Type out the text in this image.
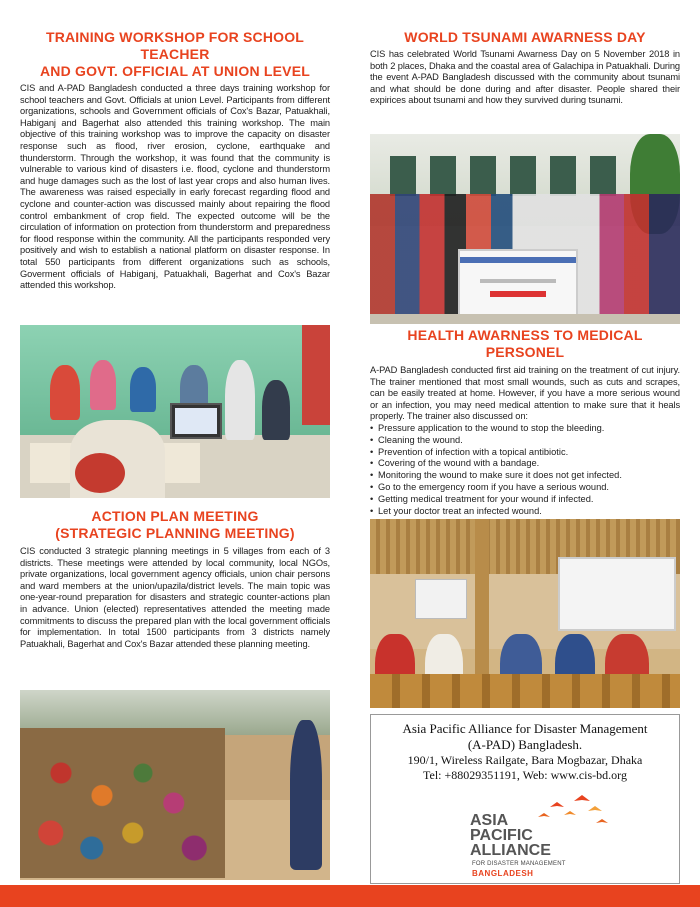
TRAINING WORKSHOP FOR SCHOOL TEACHER
AND GOVT. OFFICIAL AT UNION LEVEL

CIS and A-PAD Bangladesh conducted a three days training workshop for school teachers and Govt. Officials at union Level. Participants from different organizations, schools and Government officials of Cox's Bazar, Patuakhali, Habiganj and Bagerhat also attended this training workshop. The main objective of this training workshop was to improve the capacity on disaster response such as flood, river erosion, cyclone, earthquake and thunderstorm. Through the workshop, it was found that the community is vulnerable to various kind of disasters i.e. flood, cyclone and thunderstorm and huge damages such as the lost of last year crops and also human lives. The awareness was raised especially in early forecast regarding flood and cyclone and counter-action was discussed mainly about repairing the flood control embankment of crop field. The expected outcome will be the circulation of information on protection from thunderstorm and preparedness for flood response within the community. All the participants responded very positively and wish to establish a national platform on disaster response. In total 550 participants from different organizations such as schools, Goverment officials of Habiganj, Patuakhali, Bagerhat and Cox's Bazar attended this workshop.

ACTION PLAN MEETING
(STRATEGIC PLANNING MEETING)

CIS conducted 3 strategic planning meetings in 5 villages from each of 3 districts. These meetings were attended by local community, local NGOs, private organizations, local government agency officials, union chair persons and ward members at the union/upazila/district levels. The main topic was one-year-round preparation for disasters and strategic counter-actions plan in advance. Union (elected) representatives attended the meeting made commitments to discuss the prepared plan with the local government officials for implementation. In total 1500 participants from 3 districts namely Patuakhali, Bagerhat and Cox's Bazar attended these planning meeting.

WORLD TSUNAMI AWARNESS DAY

CIS has celebrated World Tsunami Awarness Day on 5 November 2018 in both 2 places, Dhaka and the coastal area of Galachipa in Patuakhali. During the event A-PAD Bangladesh discussed with the community about tsunami and what should be done during and after disaster. People shared their expirices about tsunami and how they survived during tsunami.

HEALTH AWARNESS TO MEDICAL PERSONEL

A-PAD Bangladesh conducted first aid training on the treatment of cut injury. The trainer mentioned that most small wounds, such as cuts and scrapes, can be easily treated at home. However, if you have a more serious wound or an infection, you may need medical attention to make sure that it heals properly. The trainer also discussed on:

• Pressure application to the wound to stop the bleeding.
• Cleaning the wound.
• Prevention of infection with a topical antibiotic.
• Covering of the wound with a bandage.
• Monitoring the wound to make sure it does not get infected.
• Go to the emergency room if you have a serious wound.
• Getting medical treatment for your wound if infected.
• Let your doctor treat an infected wound.
Asia Pacific Alliance for Disaster Management
(A-PAD) Bangladesh.
190/1, Wireless Railgate, Bara Mogbazar, Dhaka
Tel: +88029351191, Web: www.cis-bd.org
ASIA
PACIFIC
ALLIANCE
FOR DISASTER MANAGEMENT
BANGLADESH
